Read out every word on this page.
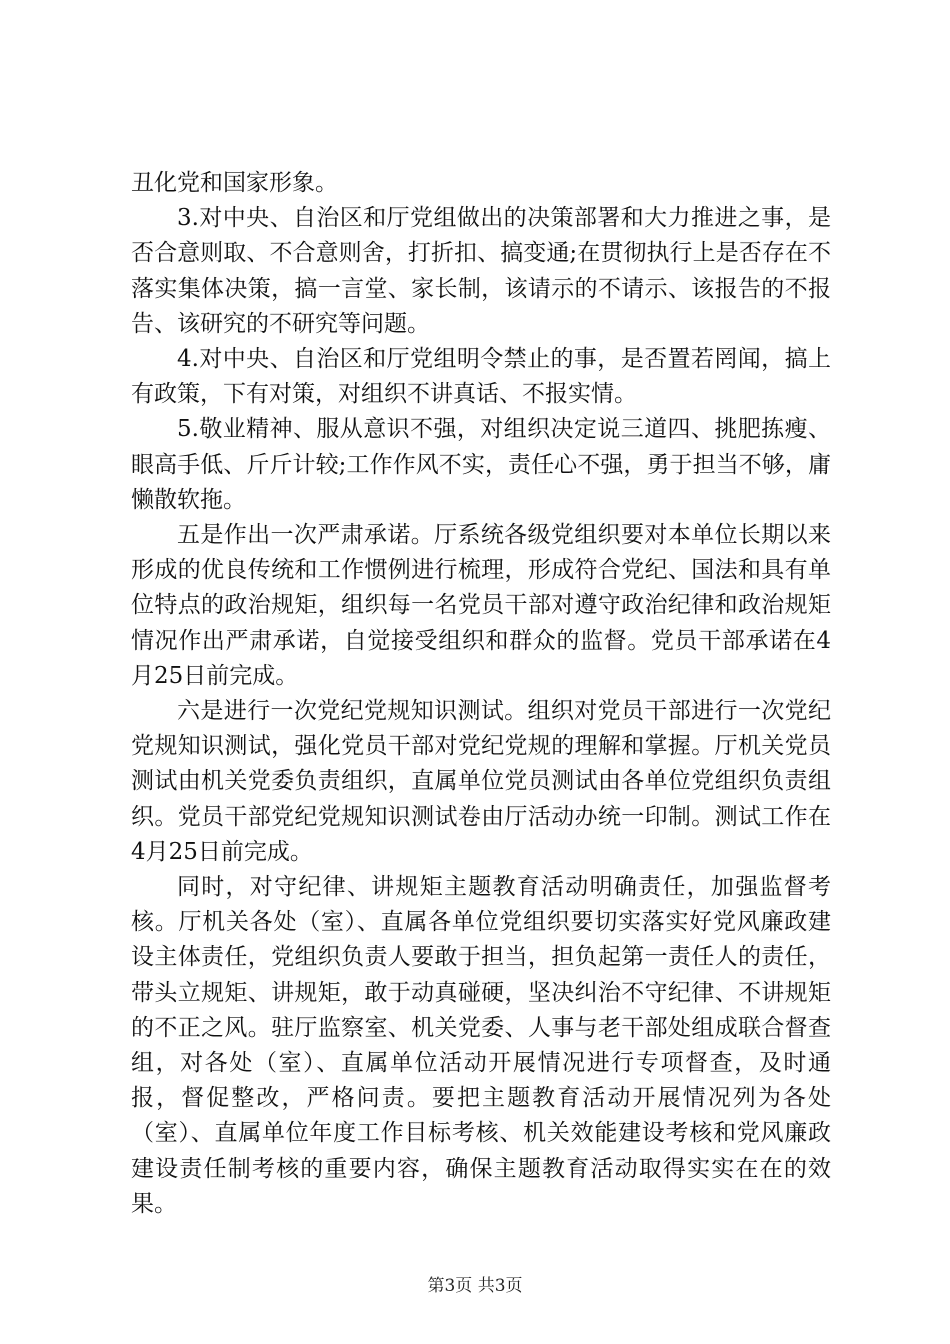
丑化党和国家形象。

3.对中央、自治区和厅党组做出的决策部署和大力推进之事，是否合意则取、不合意则舍，打折扣、搞变通;在贯彻执行上是否存在不落实集体决策，搞一言堂、家长制，该请示的不请示、该报告的不报告、该研究的不研究等问题。

4.对中央、自治区和厅党组明令禁止的事，是否置若罔闻，搞上有政策，下有对策，对组织不讲真话、不报实情。

5.敬业精神、服从意识不强，对组织决定说三道四、挑肥拣瘦、眼高手低、斤斤计较;工作作风不实，责任心不强，勇于担当不够，庸懒散软拖。

五是作出一次严肃承诺。厅系统各级党组织要对本单位长期以来形成的优良传统和工作惯例进行梳理，形成符合党纪、国法和具有单位特点的政治规矩，组织每一名党员干部对遵守政治纪律和政治规矩情况作出严肃承诺，自觉接受组织和群众的监督。党员干部承诺在4月25日前完成。

六是进行一次党纪党规知识测试。组织对党员干部进行一次党纪党规知识测试，强化党员干部对党纪党规的理解和掌握。厅机关党员测试由机关党委负责组织，直属单位党员测试由各单位党组织负责组织。党员干部党纪党规知识测试卷由厅活动办统一印制。测试工作在4月25日前完成。

同时，对守纪律、讲规矩主题教育活动明确责任，加强监督考核。厅机关各处（室）、直属各单位党组织要切实落实好党风廉政建设主体责任，党组织负责人要敢于担当，担负起第一责任人的责任，带头立规矩、讲规矩，敢于动真碰硬，坚决纠治不守纪律、不讲规矩的不正之风。驻厅监察室、机关党委、人事与老干部处组成联合督查组，对各处（室）、直属单位活动开展情况进行专项督查，及时通报，督促整改，严格问责。要把主题教育活动开展情况列为各处（室）、直属单位年度工作目标考核、机关效能建设考核和党风廉政建设责任制考核的重要内容，确保主题教育活动取得实实在在的效果。

第3页 共3页
